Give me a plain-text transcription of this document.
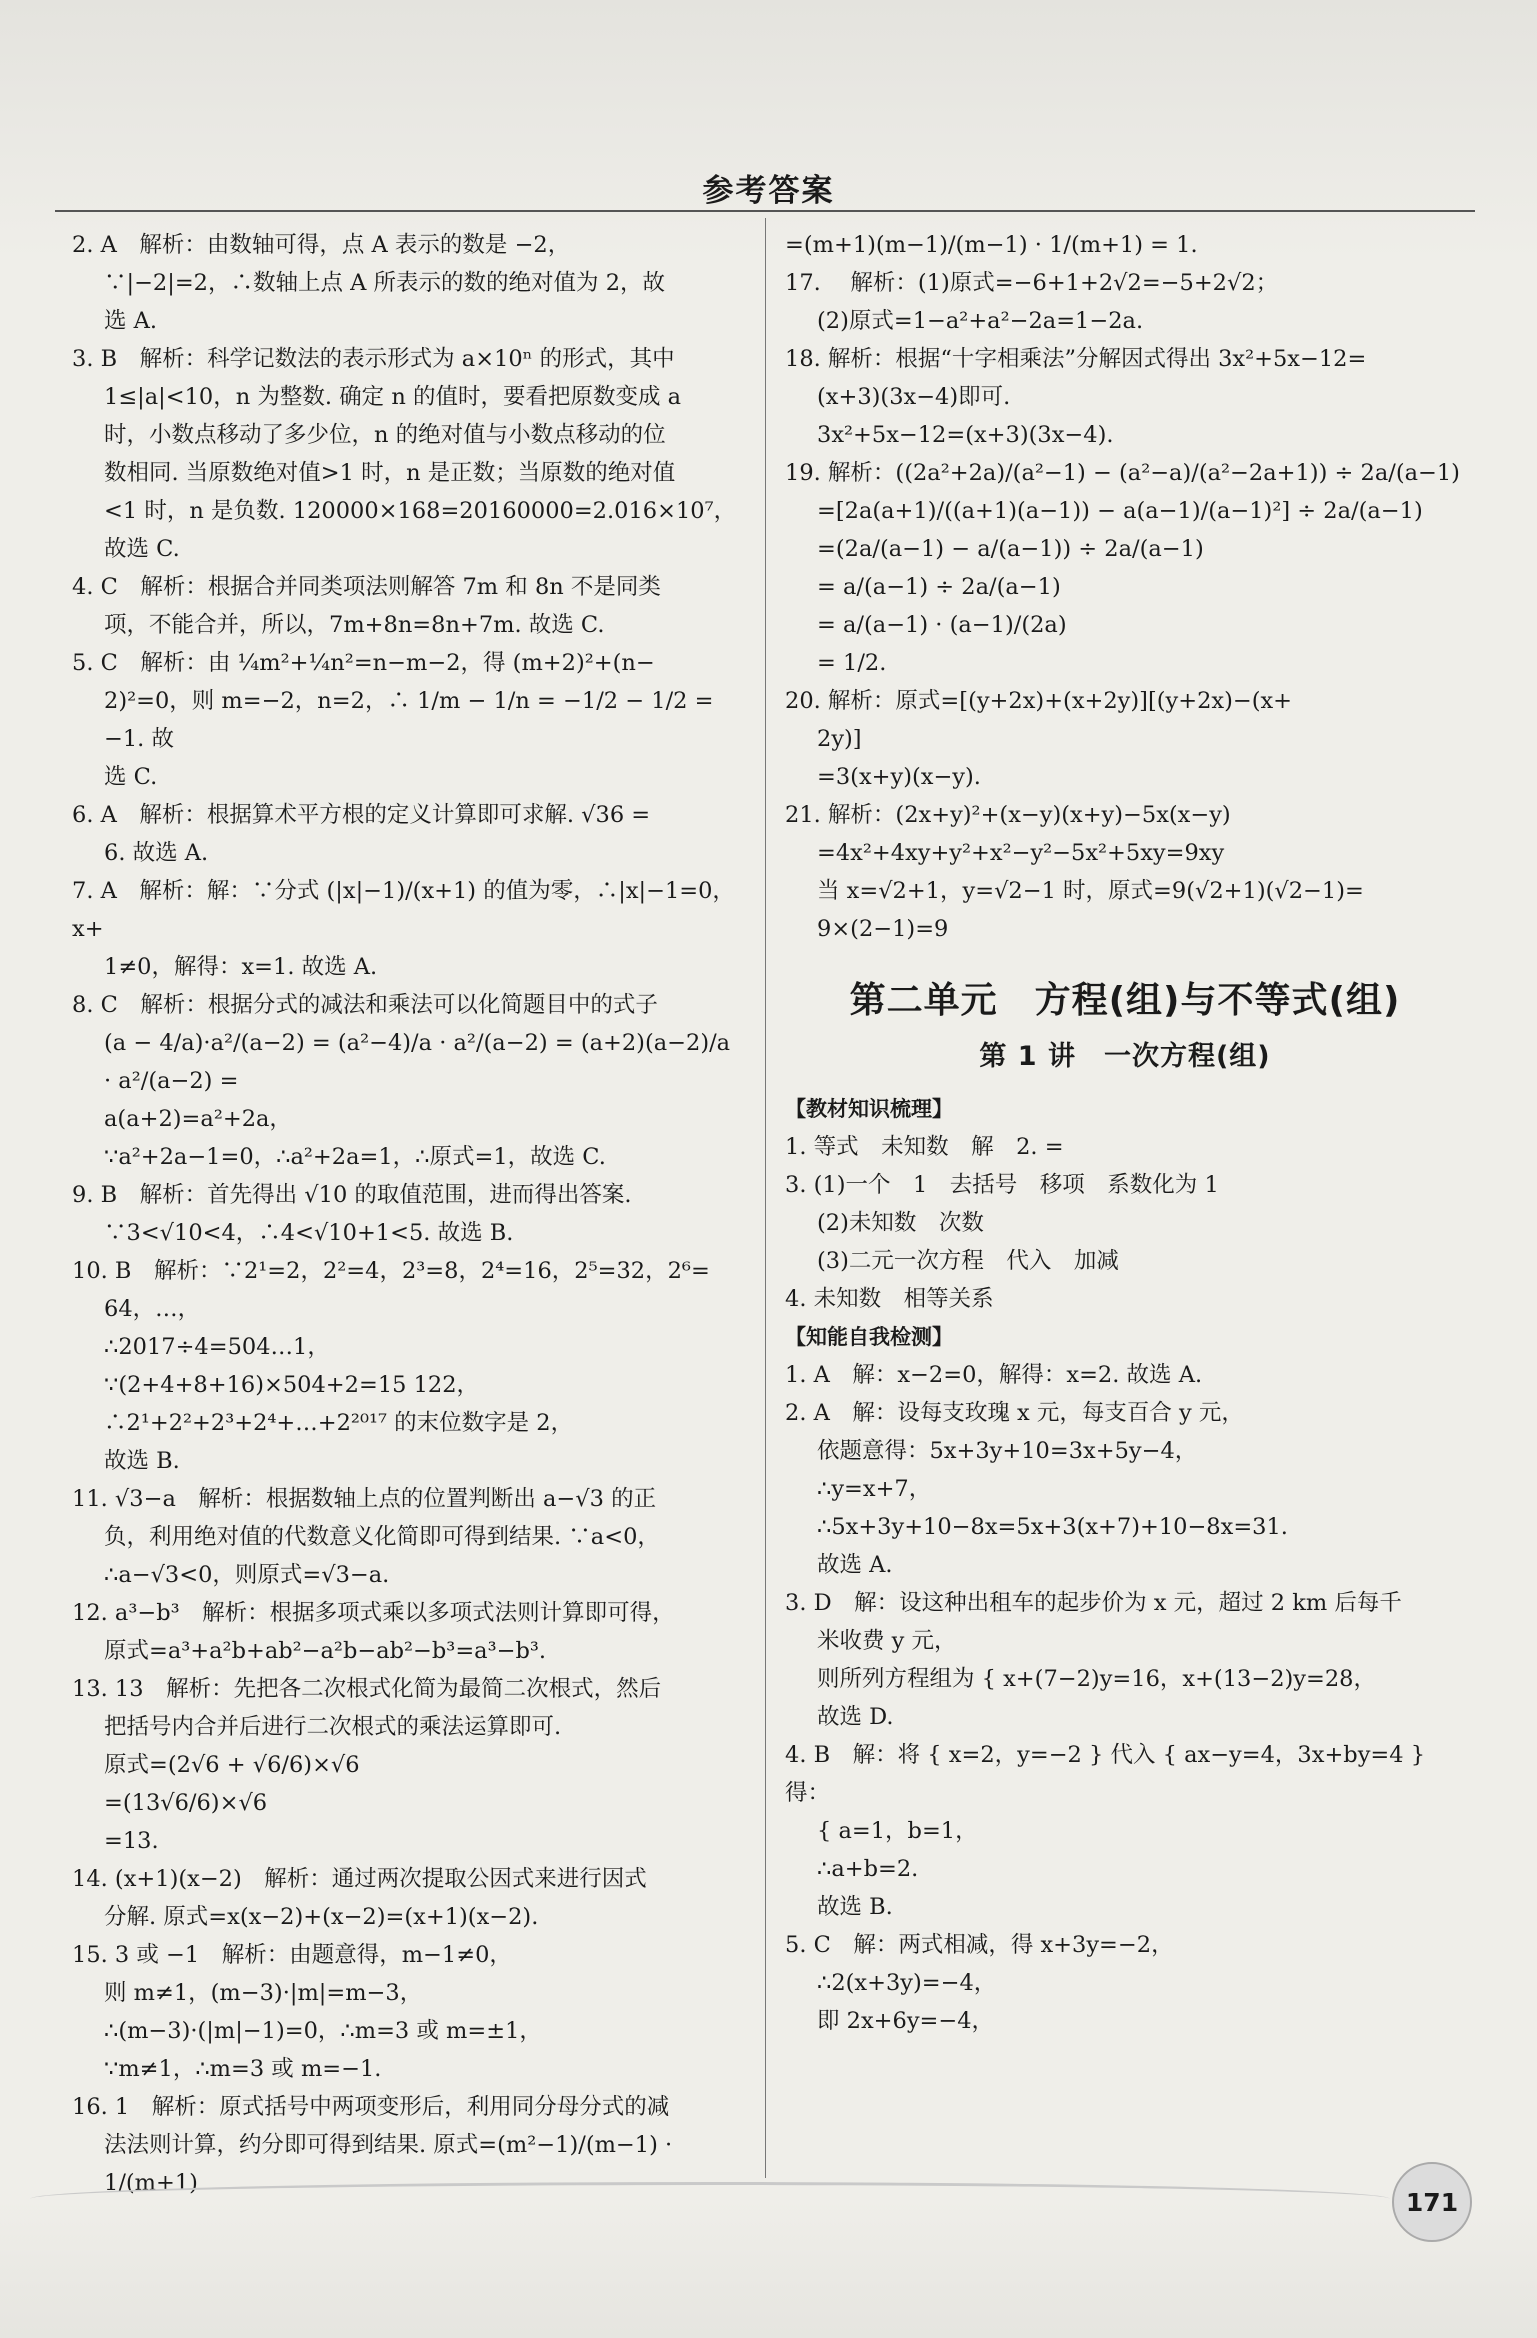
参考答案
2. A　解析：由数轴可得，点 A 表示的数是 −2，
∵|−2|=2，∴数轴上点 A 所表示的数的绝对值为 2，故
选 A.
3. B　解析：科学记数法的表示形式为 a×10ⁿ 的形式，其中
1≤|a|<10，n 为整数. 确定 n 的值时，要看把原数变成 a
时，小数点移动了多少位，n 的绝对值与小数点移动的位
数相同. 当原数绝对值>1 时，n 是正数；当原数的绝对值
<1 时，n 是负数. 120000×168=20160000=2.016×10⁷，
故选 C.
4. C　解析：根据合并同类项法则解答 7m 和 8n 不是同类
项，不能合并，所以，7m+8n=8n+7m. 故选 C.
5. C　解析：由 ¼m²+¼n²=n−m−2，得 (m+2)²+(n−
2)²=0，则 m=−2，n=2，∴ 1/m − 1/n = −1/2 − 1/2 = −1. 故
选 C.
6. A　解析：根据算术平方根的定义计算即可求解. √36 =
6. 故选 A.
7. A　解析：解：∵分式 (|x|−1)/(x+1) 的值为零，∴|x|−1=0，x+
1≠0，解得：x=1. 故选 A.
8. C　解析：根据分式的减法和乘法可以化简题目中的式子
(a − 4/a)·a²/(a−2) = (a²−4)/a · a²/(a−2) = (a+2)(a−2)/a · a²/(a−2) =
a(a+2)=a²+2a，
∵a²+2a−1=0，∴a²+2a=1，∴原式=1，故选 C.
9. B　解析：首先得出 √10 的取值范围，进而得出答案.
∵3<√10<4，∴4<√10+1<5. 故选 B.
10. B　解析：∵2¹=2，2²=4，2³=8，2⁴=16，2⁵=32，2⁶=
64，…，
∴2017÷4=504…1，
∵(2+4+8+16)×504+2=15 122，
∴2¹+2²+2³+2⁴+…+2²⁰¹⁷ 的末位数字是 2，
故选 B.
11. √3−a　解析：根据数轴上点的位置判断出 a−√3 的正
负，利用绝对值的代数意义化简即可得到结果. ∵a<0，
∴a−√3<0，则原式=√3−a.
12. a³−b³　解析：根据多项式乘以多项式法则计算即可得，
原式=a³+a²b+ab²−a²b−ab²−b³=a³−b³.
13. 13　解析：先把各二次根式化简为最简二次根式，然后
把括号内合并后进行二次根式的乘法运算即可.
原式=(2√6 + √6/6)×√6
=(13√6/6)×√6
=13.
14. (x+1)(x−2)　解析：通过两次提取公因式来进行因式
分解. 原式=x(x−2)+(x−2)=(x+1)(x−2).
15. 3 或 −1　解析：由题意得，m−1≠0，
则 m≠1，(m−3)·|m|=m−3，
∴(m−3)·(|m|−1)=0，∴m=3 或 m=±1，
∵m≠1，∴m=3 或 m=−1.
16. 1　解析：原式括号中两项变形后，利用同分母分式的减
法法则计算，约分即可得到结果. 原式=(m²−1)/(m−1) · 1/(m+1)
=(m+1)(m−1)/(m−1) · 1/(m+1) = 1.
17. 　解析：(1)原式=−6+1+2√2=−5+2√2；
(2)原式=1−a²+a²−2a=1−2a.
18. 解析：根据“十字相乘法”分解因式得出 3x²+5x−12=
(x+3)(3x−4)即可.
3x²+5x−12=(x+3)(3x−4).
19. 解析：((2a²+2a)/(a²−1) − (a²−a)/(a²−2a+1)) ÷ 2a/(a−1)
=[2a(a+1)/((a+1)(a−1)) − a(a−1)/(a−1)²] ÷ 2a/(a−1)
=(2a/(a−1) − a/(a−1)) ÷ 2a/(a−1)
= a/(a−1) ÷ 2a/(a−1)
= a/(a−1) · (a−1)/(2a)
= 1/2.
20. 解析：原式=[(y+2x)+(x+2y)][(y+2x)−(x+
2y)]
=3(x+y)(x−y).
21. 解析：(2x+y)²+(x−y)(x+y)−5x(x−y)
=4x²+4xy+y²+x²−y²−5x²+5xy=9xy
当 x=√2+1，y=√2−1 时，原式=9(√2+1)(√2−1)=
9×(2−1)=9
第二单元　方程(组)与不等式(组)
第 1 讲　一次方程(组)
【教材知识梳理】
1. 等式　未知数　解　2. =
3. (1)一个　1　去括号　移项　系数化为 1
(2)未知数　次数
(3)二元一次方程　代入　加减
4. 未知数　相等关系
【知能自我检测】
1. A　解：x−2=0，解得：x=2. 故选 A.
2. A　解：设每支玫瑰 x 元，每支百合 y 元，
依题意得：5x+3y+10=3x+5y−4，
∴y=x+7，
∴5x+3y+10−8x=5x+3(x+7)+10−8x=31.
故选 A.
3. D　解：设这种出租车的起步价为 x 元，超过 2 km 后每千
米收费 y 元，
则所列方程组为 { x+(7−2)y=16，x+(13−2)y=28，
故选 D.
4. B　解：将 { x=2，y=−2 } 代入 { ax−y=4，3x+by=4 } 得：
{ a=1，b=1，
∴a+b=2.
故选 B.
5. C　解：两式相减，得 x+3y=−2，
∴2(x+3y)=−4，
即 2x+6y=−4，
171
